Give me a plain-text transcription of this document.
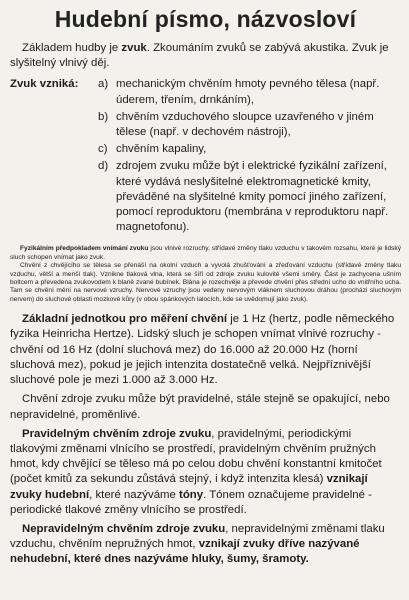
Hudební písmo, názvosloví

Základem hudby je zvuk. Zkoumáním zvuků se zabývá akustika. Zvuk je slyšitelný vlnivý děj.

Zvuk vzniká:	a) mechanickým chvěním hmoty pevného tělesa (např. úderem, třením, drnkáním),
b) chvěním vzduchového sloupce uzavřeného v jiném tělese (např. v dechovém nástroji),
c) chvěním kapaliny,
d) zdrojem zvuku může být i elektrické fyzikální zařízení, které vydává neslyšitelné elektromagnetické kmity, převáděné na slyšitelné kmity pomocí jiného zařízení, pomocí reproduktoru (membrána v reproduktoru např. magnetofonu).

Fyzikálním předpokladem vnímání zvuku jsou vlnivé rozruchy, střídavé změny tlaku vzduchu v takovém rozsahu, které je lidský sluch schopen vnímat jako zvuk.

Chvění z chvějícího se tělesa se přenáší na okolní vzduch a vyvolá zhušťování a zřeďování vzduchu (střídavé změny tlaku vzduchu, větší a menší tlak). Vznikne tlaková vlna, která se šíří od zdroje zvuku kulovitě všemi směry. Část je zachycena ušním boltcem a převedena zvukovodem k blaně zvané bubínek. Blána je rozechvěje a převede chvění přes střední ucho do vnitřního ucha. Tam se chvění mění na nervové vzruchy. Nervové vzruchy jsou vedeny nervovým vláknem sluchovou dráhou (procházi sluchovým nervem) do sluchové oblasti mozkové kůry (v obou spánkových lalocích, kde se uvědomují jako zvuk).

Základní jednotkou pro měření chvění je 1 Hz (hertz, podle německého fyzika Heinricha Hertze). Lidský sluch je schopen vnímat vlnivé rozruchy - chvění od 16 Hz (dolní sluchová mez) do 16.000 až 20.000 Hz (horní sluchová mez), pokud je jejich intenzita dostatečně velká. Nejpříznivější sluchové pole je mezi 1.000 až 3.000 Hz.

Chvění zdroje zvuku může být pravidelné, stále stejně se opakující, nebo nepravidelné, proměnlivé.

Pravidelným chvěním zdroje zvuku, pravidelnými, periodickými tlakovými změnami vlnícího se prostředí, pravidelným chvěním pružných hmot, kdy chvějící se těleso má po celou dobu chvění konstantní kmitočet (počet kmitů za sekundu zůstává stejný, i když intenzita klesá) vznikají zvuky hudební, které nazýváme tóny. Tónem označujeme pravidelné - periodické tlakové změny vlnícího se prostředí.

Nepravidelným chvěním zdroje zvuku, nepravidelnými změnami tlaku vzduchu, chvěním nepružných hmot, vznikají zvuky dříve nazývané nehudební, které dnes nazýváme hluky, šumy, šramoty.
